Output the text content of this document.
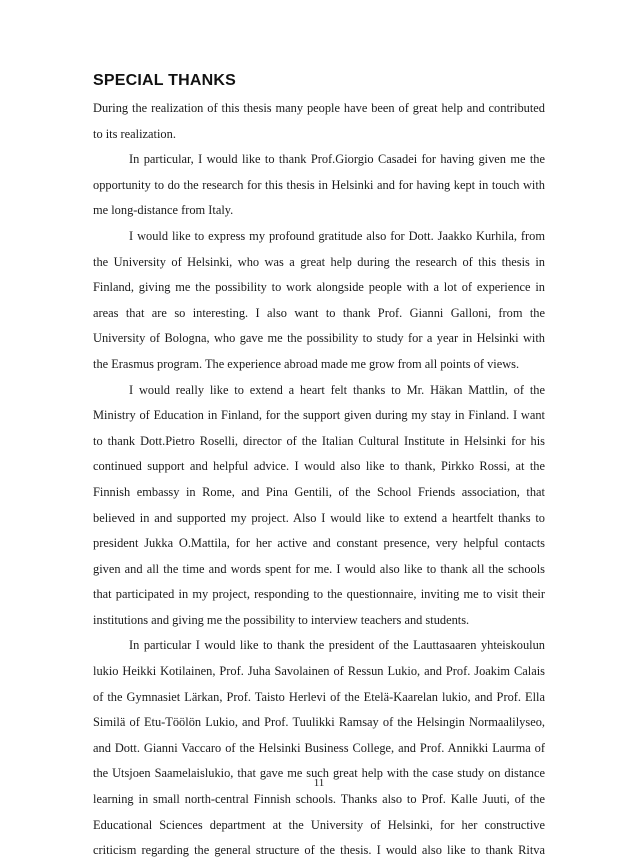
SPECIAL THANKS
During the realization of this thesis many people have been of great help and contributed
to its realization.
In particular, I would like to thank Prof.Giorgio Casadei for having given me the
opportunity to do the research for this thesis in Helsinki and for having kept in touch with
me long-distance from Italy.
I would like to express my profound gratitude also for Dott. Jaakko Kurhila, from
the University of Helsinki, who was a great help during the research of this thesis in
Finland, giving me the possibility to work alongside people with a lot of experience in
areas that are so interesting. I also want to thank Prof. Gianni Galloni, from the
University of Bologna, who gave me the possibility to study for a year in Helsinki with
the Erasmus program. The experience abroad made me grow from all points of views.
I would really like to extend a heart felt thanks to Mr. Häkan Mattlin, of the
Ministry of Education in Finland, for the support given during my stay in Finland. I want
to thank Dott.Pietro Roselli, director of the Italian Cultural Institute in Helsinki for his
continued support and helpful advice. I would also like to thank, Pirkko Rossi, at the
Finnish embassy in Rome, and Pina Gentili, of the School Friends association, that
believed in and supported my project. Also I would like to extend a heartfelt thanks to
president Jukka O.Mattila, for her active and constant presence, very helpful contacts
given and all the time and words spent for me. I would also like to thank all the schools
that participated in my project, responding to the questionnaire, inviting me to visit their
institutions and giving me the possibility to interview teachers and students.
In particular I would like to thank the president of the Lauttasaaren yhteiskoulun
lukio Heikki Kotilainen, Prof. Juha Savolainen of Ressun Lukio, and Prof. Joakim Calais
of the Gymnasiet Lärkan, Prof. Taisto Herlevi of the Etelä-Kaarelan lukio, and Prof. Ella
Similä of Etu-Töölön Lukio, and Prof. Tuulikki Ramsay of the Helsingin Normaalilyseo,
and Dott. Gianni Vaccaro of the Helsinki Business College, and Prof. Annikki Laurma of
the Utsjoen Saamelaislukio, that gave me such great help with the case study on distance
learning in small north-central Finnish schools. Thanks also to Prof. Kalle Juuti, of the
Educational Sciences department at the University of Helsinki, for her constructive
criticism regarding the general structure of the thesis. I would also like to thank Ritva
11
